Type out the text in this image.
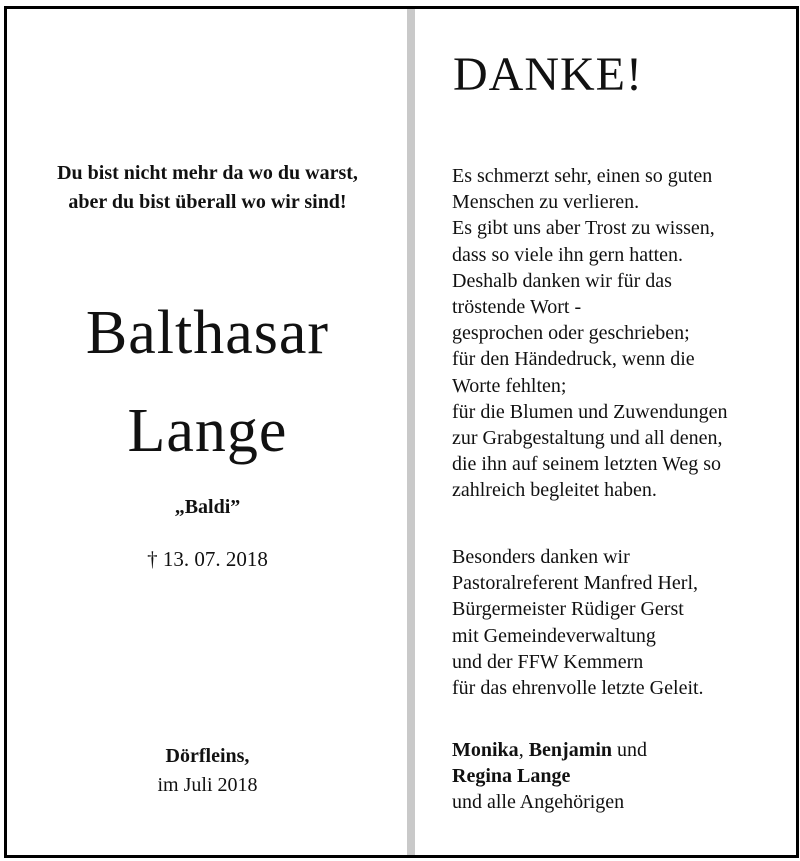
Du bist nicht mehr da wo du warst,
aber du bist überall wo wir sind!
Balthasar
Lange
„Baldi”
† 13. 07. 2018
Dörfleins,
im Juli 2018
DANKE!
Es schmerzt sehr, einen so guten
Menschen zu verlieren.
Es gibt uns aber Trost zu wissen,
dass so viele ihn gern hatten.
Deshalb danken wir für das
tröstende Wort -
gesprochen oder geschrieben;
für den Händedruck, wenn die
Worte fehlten;
für die Blumen und Zuwendungen
zur Grabgestaltung und all denen,
die ihn auf seinem letzten Weg so
zahlreich begleitet haben.
Besonders danken wir
Pastoralreferent Manfred Herl,
Bürgermeister Rüdiger Gerst
mit Gemeindeverwaltung
und der FFW Kemmern
für das ehrenvolle letzte Geleit.
Monika, Benjamin und
Regina Lange
und alle Angehörigen
